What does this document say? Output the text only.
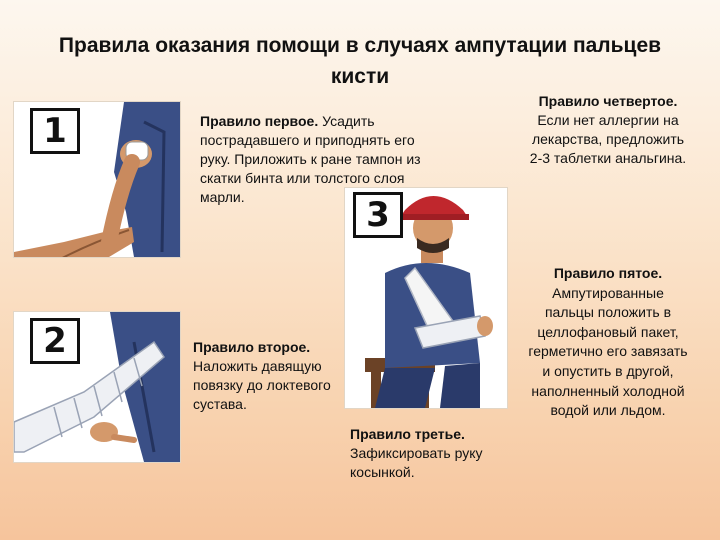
Правила оказания помощи в случаях ампутации пальцев кисти
1
2
3

Правило первое. Усадить пострадавшего и приподнять его руку. Приложить к ране тампон из скатки бинта или толстого слоя марли.

Правило второе. Наложить давящую повязку до локтевого сустава.

Правило третье. Зафиксировать руку косынкой.

Правило четвертое. Если нет аллергии на лекарства, предложить 2-3 таблетки анальгина.

Правило пятое. Ампутированные пальцы положить в целлофановый пакет, герметично его завязать и опустить в другой, наполненный холодной водой или льдом.
